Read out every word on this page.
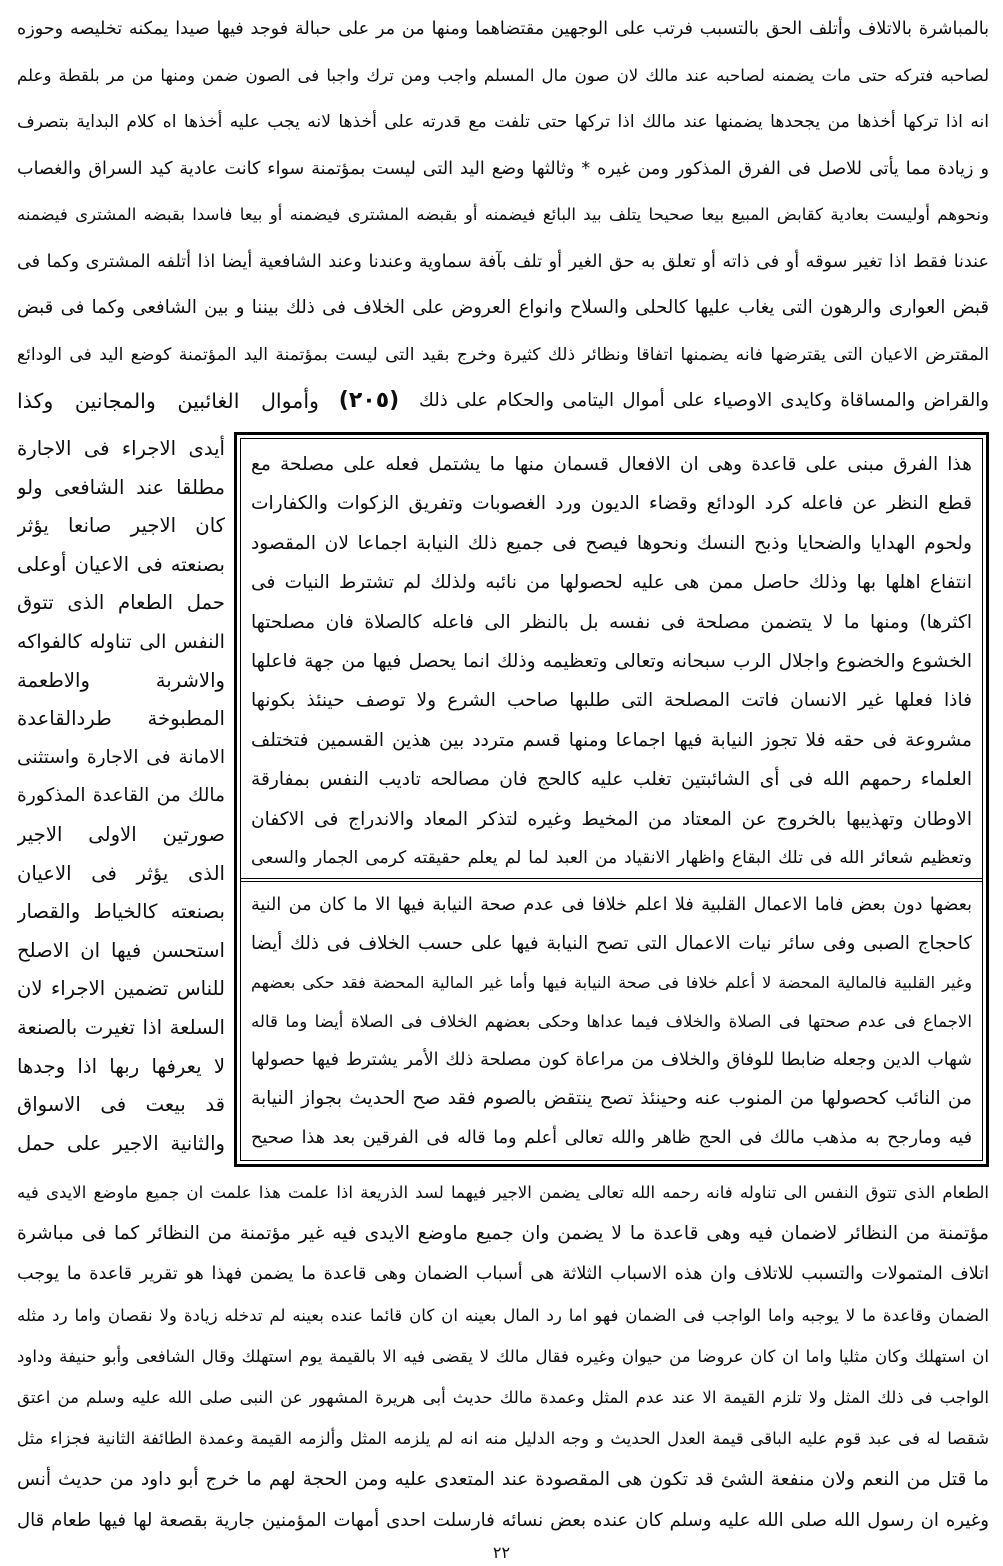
بالمباشرة بالاتلاف وأتلف الحق بالتسبب فرتب على الوجهين مقتضاهما ومنها من مر على حبالة فوجد فيها صيدا يمكنه تخليصه وحوزه
لصاحبه فتركه حتى مات يضمنه لصاحبه عند مالك لان صون مال المسلم واجب ومن ترك واجبا فى الصون ضمن ومنها من مر بلقطة وعلم
انه اذا تركها أخذها من يجحدها يضمنها عند مالك اذا تركها حتى تلفت مع قدرته على أخذها لانه يجب عليه أخذها اه كلام البداية بتصرف
و زيادة مما يأتى للاصل فى الفرق المذكور ومن غيره * وثالثها وضع اليد التى ليست بمؤتمنة سواء كانت عادية كيد السراق والغصاب
ونحوهم أوليست بعادية كقابض المبيع بيعا صحيحا يتلف بيد البائع فيضمنه أو بقبضه المشترى فيضمنه أو بيعا فاسدا بقبضه المشترى فيضمنه
عندنا فقط اذا تغير سوقه أو فى ذاته أو تعلق به حق الغير أو تلف بآفة سماوية وعندنا وعند الشافعية أيضا اذا أتلفه المشترى وكما فى
قبض العوارى والرهون التى يغاب عليها كالحلى والسلاح وانواع العروض على الخلاف فى ذلك بيننا و بين الشافعى وكما فى قبض
المقترض الاعيان التى يقترضها فانه يضمنها اتفاقا ونظائر ذلك كثيرة وخرج بقيد التى ليست بمؤتمنة اليد المؤتمنة كوضع اليد فى الودائع
والقراض والمساقاة وكايدى الاوصياء على أموال اليتامى والحكام على ذلك
(٢٠٥)
وأموال الغائبين والمجانين وكذا
هذا الفرق مبنى على قاعدة وهى ان الافعال قسمان منها ما يشتمل فعله على مصلحة مع
قطع النظر عن فاعله كرد الودائع وقضاء الديون ورد الغصوبات وتفريق الزكوات والكفارات
ولحوم الهدايا والضحايا وذبح النسك ونحوها فيصح فى جميع ذلك النيابة اجماعا لان المقصود
انتفاع اهلها بها وذلك حاصل ممن هى عليه لحصولها من نائبه ولذلك لم تشترط النيات فى
اكثرها) ومنها ما لا يتضمن مصلحة فى نفسه بل بالنظر الى فاعله كالصلاة فان مصلحتها
الخشوع والخضوع واجلال الرب سبحانه وتعالى وتعظيمه وذلك انما يحصل فيها من جهة فاعلها
فاذا فعلها غير الانسان فاتت المصلحة التى طلبها صاحب الشرع ولا توصف حينئذ بكونها
مشروعة فى حقه فلا تجوز النيابة فيها اجماعا ومنها قسم متردد بين هذين القسمين فتختلف
العلماء رحمهم الله فى أى الشائبتين تغلب عليه كالحج فان مصالحه تاديب النفس بمفارقة
الاوطان وتهذيبها بالخروج عن المعتاد من المخيط وغيره لتذكر المعاد والاندراج فى الاكفان
وتعظيم شعائر الله فى تلك البقاع واظهار الانقياد من العبد لما لم يعلم حقيقته كرمى الجمار والسعى
بعضها دون بعض فاما الاعمال القلبية فلا اعلم خلافا فى عدم صحة النيابة فيها الا ما كان من النية
كاحجاج الصبى وفى سائر نيات الاعمال التى تصح النيابة فيها على حسب الخلاف فى ذلك أيضا
وغير القلبية فالمالية المحضة لا أعلم خلافا فى صحة النيابة فيها وأما غير المالية المحضة فقد حكى بعضهم
الاجماع فى عدم صحتها فى الصلاة والخلاف فيما عداها وحكى بعضهم الخلاف فى الصلاة أيضا وما قاله
شهاب الدين وجعله ضابطا للوفاق والخلاف من مراعاة كون مصلحة ذلك الأمر يشترط فيها حصولها
من النائب كحصولها من المنوب عنه وحينئذ تصح ينتقض بالصوم فقد صح الحديث بجواز النيابة
فيه ومارجح به مذهب مالك فى الحج ظاهر والله تعالى أعلم وما قاله فى الفرقين بعد هذا صحيح
أيدى الاجراء فى الاجارة
مطلقا عند الشافعى ولو
كان الاجير صانعا يؤثر
بصنعته فى الاعيان أوعلى
حمل الطعام الذى تتوق
النفس الى تناوله كالفواكه
والاشربة والاطعمة
المطبوخة طردالقاعدة
الامانة فى الاجارة واستثنى
مالك من القاعدة المذكورة
صورتين الاولى الاجير
الذى يؤثر فى الاعيان
بصنعته كالخياط والقصار
استحسن فيها ان الاصلح
للناس تضمين الاجراء لان
السلعة اذا تغيرت بالصنعة
لا يعرفها ربها اذا وجدها
قد بيعت فى الاسواق
والثانية الاجير على حمل
الطعام الذى تتوق النفس الى تناوله فانه رحمه الله تعالى يضمن الاجير فيهما لسد الذريعة اذا علمت هذا علمت ان جميع ماوضع الايدى فيه
مؤتمنة من النظائر لاضمان فيه وهى قاعدة ما لا يضمن وان جميع ماوضع الايدى فيه غير مؤتمنة من النظائر كما فى مباشرة
اتلاف المتمولات والتسبب للاتلاف وان هذه الاسباب الثلاثة هى أسباب الضمان وهى قاعدة ما يضمن فهذا هو تقرير قاعدة ما يوجب
الضمان وقاعدة ما لا يوجبه واما الواجب فى الضمان فهو اما رد المال بعينه ان كان قائما عنده بعينه لم تدخله زيادة ولا نقصان واما رد مثله
ان استهلك وكان مثليا واما ان كان عروضا من حيوان وغيره فقال مالك لا يقضى فيه الا بالقيمة يوم استهلك وقال الشافعى وأبو حنيفة وداود
الواجب فى ذلك المثل ولا تلزم القيمة الا عند عدم المثل وعمدة مالك حديث أبى هريرة المشهور عن النبى صلى الله عليه وسلم من اعتق
شقصا له فى عبد قوم عليه الباقى قيمة العدل الحديث و وجه الدليل منه انه لم يلزمه المثل وألزمه القيمة وعمدة الطائفة الثانية فجزاء مثل
ما قتل من النعم ولان منفعة الشئ قد تكون هى المقصودة عند المتعدى عليه ومن الحجة لهم ما خرج أبو داود من حديث أنس
وغيره ان رسول الله صلى الله عليه وسلم كان عنده بعض نسائه فارسلت احدى أمهات المؤمنين جارية بقصعة لها فيها طعام قال
٢٢
